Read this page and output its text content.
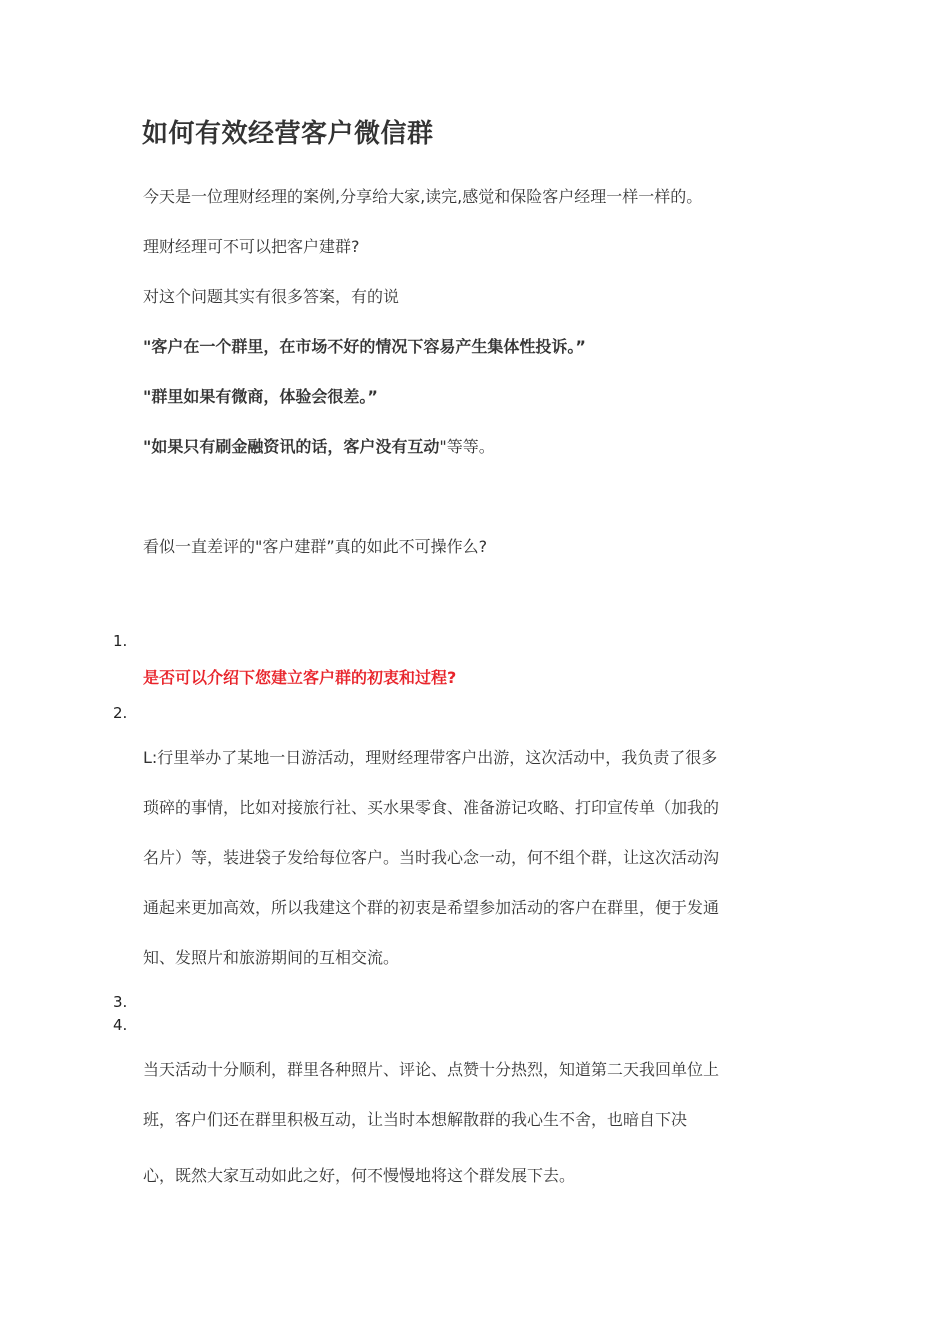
如何有效经营客户微信群
今天是一位理财经理的案例,分享给大家,读完,感觉和保险客户经理一样一样的。
理财经理可不可以把客户建群?
对这个问题其实有很多答案，有的说
"客户在一个群里，在市场不好的情况下容易产生集体性投诉。”
"群里如果有微商，体验会很差。”
"如果只有刷金融资讯的话，客户没有互动"等等。
看似一直差评的"客户建群”真的如此不可操作么?
1.
是否可以介绍下您建立客户群的初衷和过程?
2.
L:行里举办了某地一日游活动，理财经理带客户出游，这次活动中，我负责了很多
琐碎的事情，比如对接旅行社、买水果零食、准备游记攻略、打印宣传单（加我的
名片）等，装进袋子发给每位客户。当时我心念一动，何不组个群，让这次活动沟
通起来更加高效，所以我建这个群的初衷是希望参加活动的客户在群里，便于发通
知、发照片和旅游期间的互相交流。
3.
4.
当天活动十分顺利，群里各种照片、评论、点赞十分热烈，知道第二天我回单位上
班，客户们还在群里积极互动，让当时本想解散群的我心生不舍，也暗自下决
心，既然大家互动如此之好，何不慢慢地将这个群发展下去。
